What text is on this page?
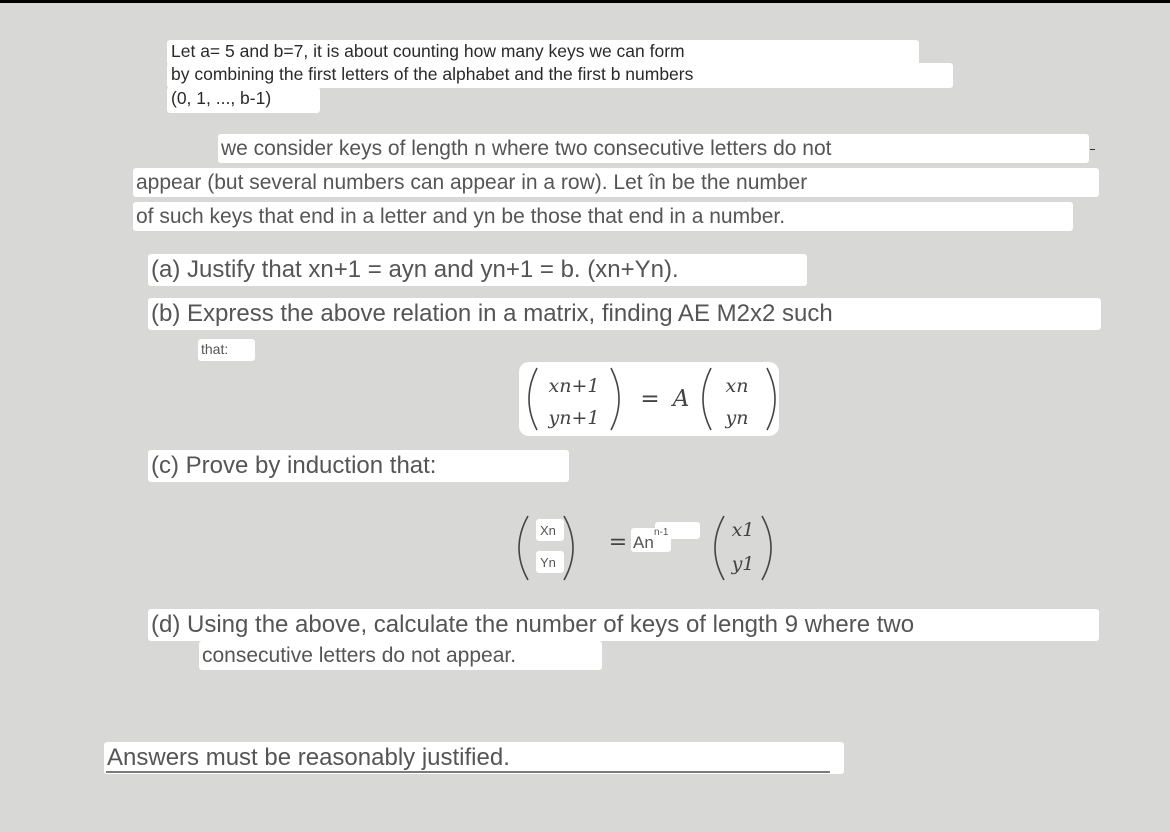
Let a= 5 and b=7, it is about counting how many keys we can form
by combining the first letters of the alphabet and the first b numbers
(0, 1, ..., b-1)
we consider keys of length n where two consecutive letters do not
appear (but several numbers can appear in a row). Let în be the number
of such keys that end in a letter and yn be those that end in a number.
(a) Justify that xn+1 = ayn and yn+1 = b. (xn+Yn).
(b) Express the above relation in a matrix, finding AE M2x2 such
that:
xn+1
yn+1
= A xn
yn
(c) Prove by induction that:
Xn
Yn
= An
n-1	x1
y1
(d) Using the above, calculate the number of keys of length 9 where two
consecutive letters do not appear.
Answers must be reasonably justified.
